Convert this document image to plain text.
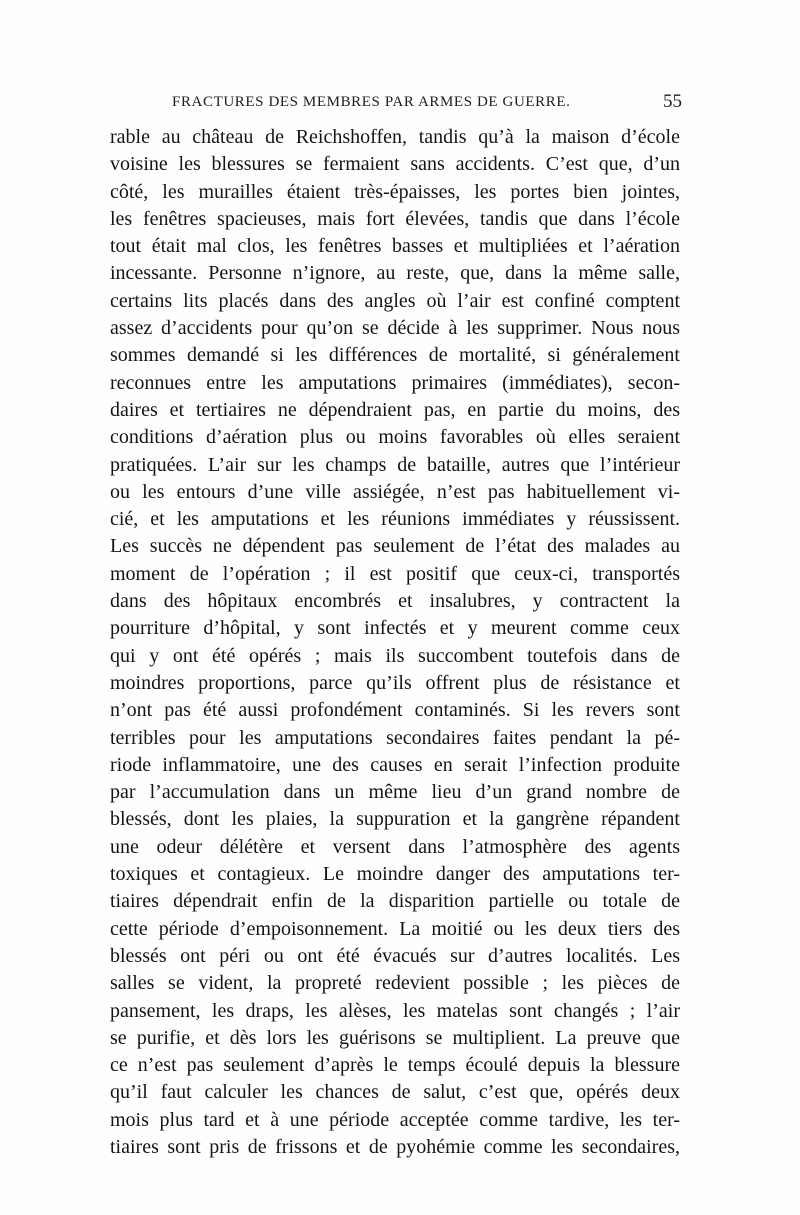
FRACTURES DES MEMBRES PAR ARMES DE GUERRE.	55
rable au château de Reichshoffen, tandis qu’à la maison d’école
voisine les blessures se fermaient sans accidents. C’est que, d’un
côté, les murailles étaient très-épaisses, les portes bien jointes,
les fenêtres spacieuses, mais fort élevées, tandis que dans l’école
tout était mal clos, les fenêtres basses et multipliées et l’aération
incessante. Personne n’ignore, au reste, que, dans la même salle,
certains lits placés dans des angles où l’air est confiné comptent
assez d’accidents pour qu’on se décide à les supprimer. Nous nous
sommes demandé si les différences de mortalité, si généralement
reconnues entre les amputations primaires (immédiates), secon-
daires et tertiaires ne dépendraient pas, en partie du moins, des
conditions d’aération plus ou moins favorables où elles seraient
pratiquées. L’air sur les champs de bataille, autres que l’intérieur
ou les entours d’une ville assiégée, n’est pas habituellement vi-
cié, et les amputations et les réunions immédiates y réussissent.
Les succès ne dépendent pas seulement de l’état des malades au
moment de l’opération ; il est positif que ceux-ci, transportés
dans des hôpitaux encombrés et insalubres, y contractent la
pourriture d’hôpital, y sont infectés et y meurent comme ceux
qui y ont été opérés ; mais ils succombent toutefois dans de
moindres proportions, parce qu’ils offrent plus de résistance et
n’ont pas été aussi profondément contaminés. Si les revers sont
terribles pour les amputations secondaires faites pendant la pé-
riode inflammatoire, une des causes en serait l’infection produite
par l’accumulation dans un même lieu d’un grand nombre de
blessés, dont les plaies, la suppuration et la gangrène répandent
une odeur délétère et versent dans l’atmosphère des agents
toxiques et contagieux. Le moindre danger des amputations ter-
tiaires dépendrait enfin de la disparition partielle ou totale de
cette période d’empoisonnement. La moitié ou les deux tiers des
blessés ont péri ou ont été évacués sur d’autres localités. Les
salles se vident, la propreté redevient possible ; les pièces de
pansement, les draps, les alèses, les matelas sont changés ; l’air
se purifie, et dès lors les guérisons se multiplient. La preuve que
ce n’est pas seulement d’après le temps écoulé depuis la blessure
qu’il faut calculer les chances de salut, c’est que, opérés deux
mois plus tard et à une période acceptée comme tardive, les ter-
tiaires sont pris de frissons et de pyohémie comme les secondaires,
